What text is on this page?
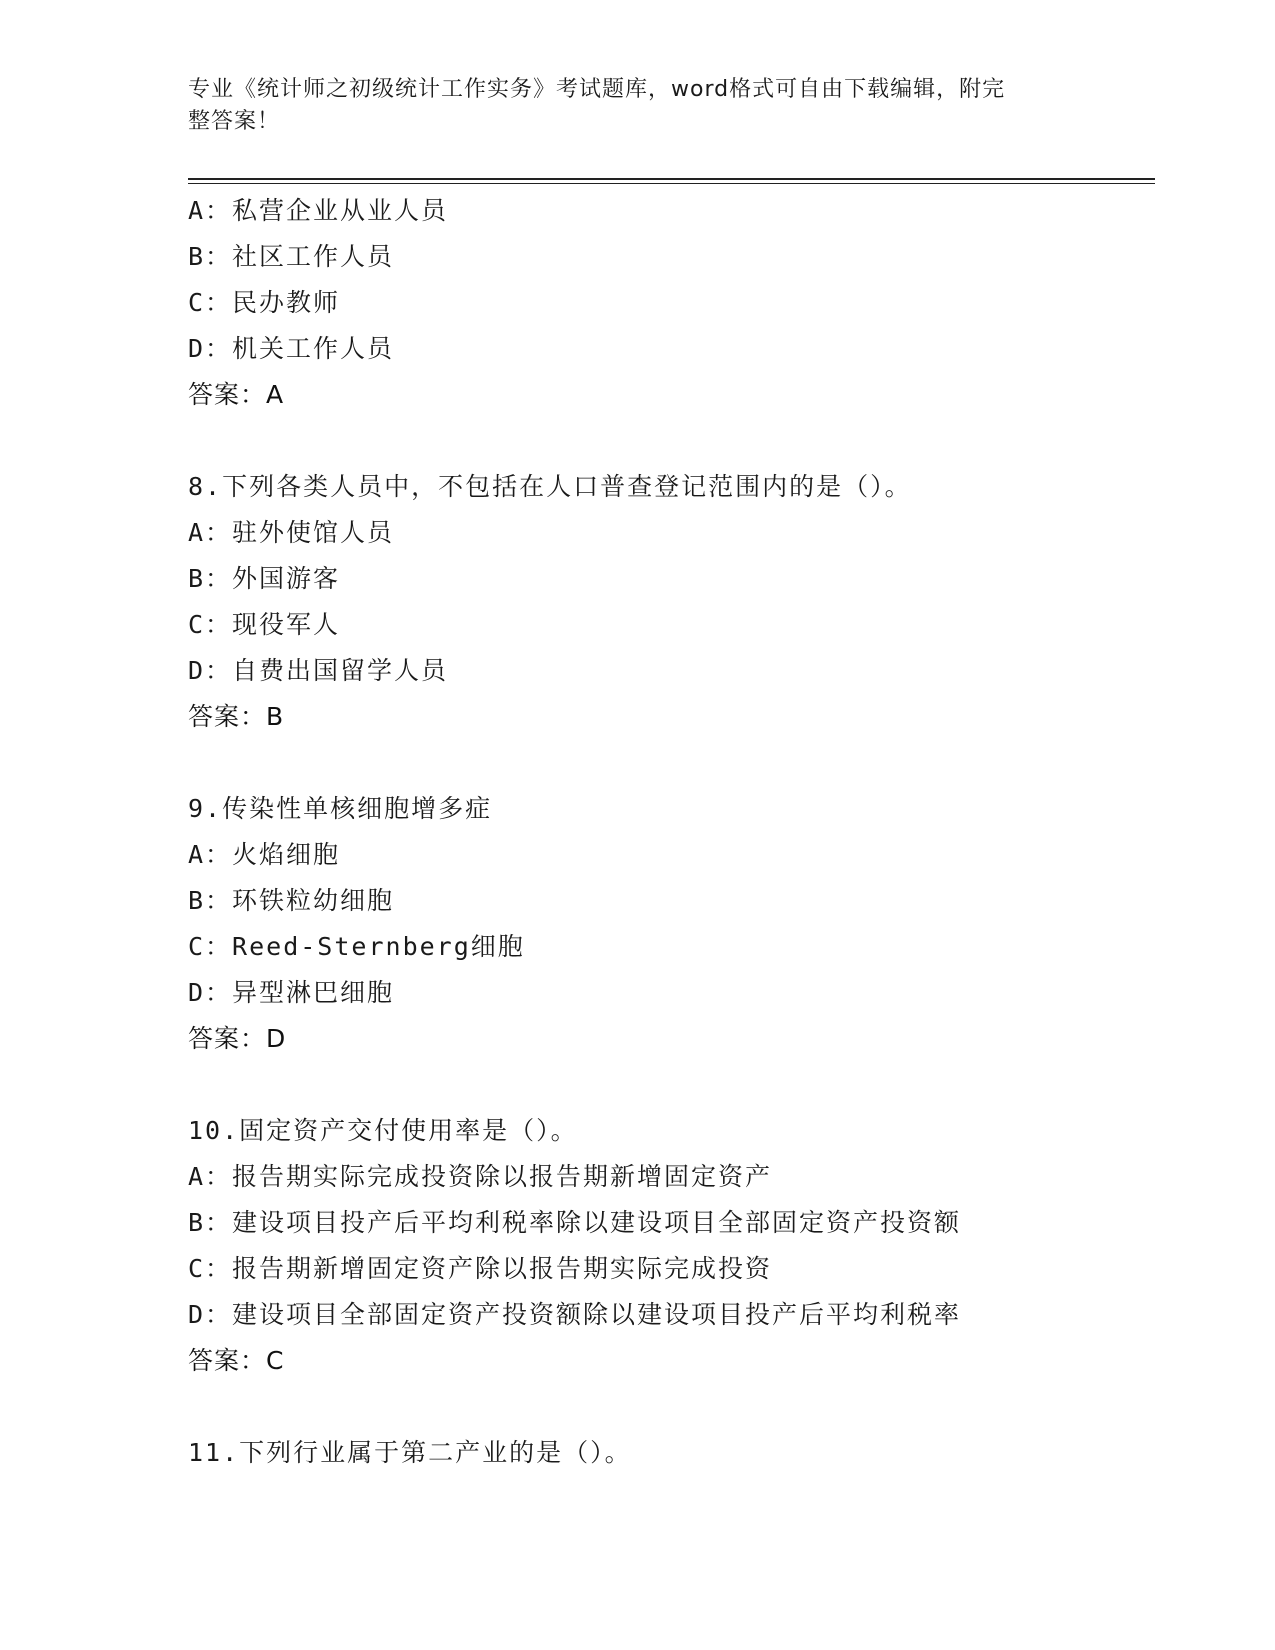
专业《统计师之初级统计工作实务》考试题库，word格式可自由下载编辑，附完
整答案！
A：私营企业从业人员
B：社区工作人员
C：民办教师
D：机关工作人员
答案：A
8.下列各类人员中，不包括在人口普查登记范围内的是（）。
A：驻外使馆人员
B：外国游客
C：现役军人
D：自费出国留学人员
答案：B
9.传染性单核细胞增多症
A：火焰细胞
B：环铁粒幼细胞
C：Reed-Sternberg细胞
D：异型淋巴细胞
答案：D
10.固定资产交付使用率是（）。
A：报告期实际完成投资除以报告期新增固定资产
B：建设项目投产后平均利税率除以建设项目全部固定资产投资额
C：报告期新增固定资产除以报告期实际完成投资
D：建设项目全部固定资产投资额除以建设项目投产后平均利税率
答案：C
11.下列行业属于第二产业的是（）。
